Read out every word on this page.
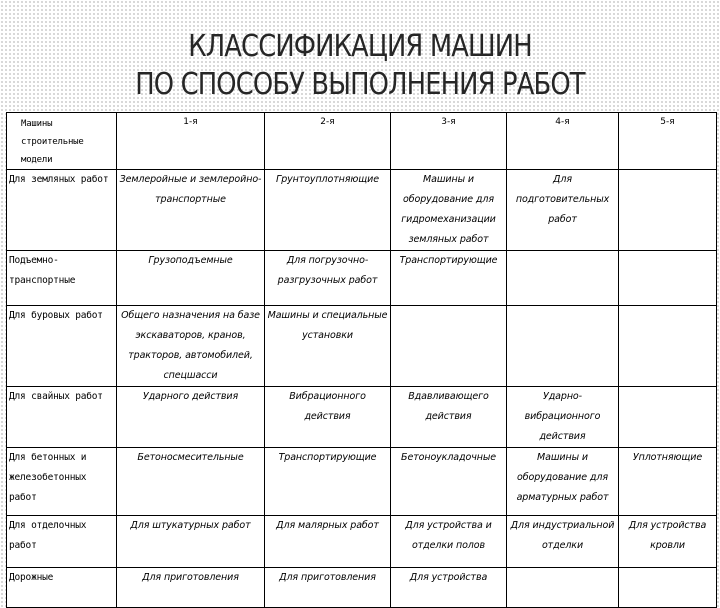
КЛАССИФИКАЦИЯ МАШИН
ПО СПОСОБУ ВЫПОЛНЕНИЯ РАБОТ
Машины строительные модели	1-я	2-я	3-я	4-я	5-я
Для земляных работ	Землеройные и землеройно-транспортные	Грунтоуплотняющие	Машины и оборудование для гидромеханизации земляных работ	Для подготовительных работ	
Подъемно-транспортные	Грузоподъемные	Для погрузочно-разгрузочных работ	Транспортирующие		
Для буровых работ	Общего назначения на базе экскаваторов, кранов, тракторов, автомобилей, спецшасси	Машины и специальные установки			
Для свайных работ	Ударного действия	Вибрационного действия	Вдавливающего действия	Ударно-вибрационного действия	
Для бетонных и железобетонных работ	Бетоносмесительные	Транспортирующие	Бетоноукладочные	Машины и оборудование для арматурных работ	Уплотняющие
Для отделочных работ	Для штукатурных работ	Для малярных работ	Для устройства и отделки полов	Для индустриальной отделки	Для устройства кровли
Дорожные	Для приготовления	Для приготовления	Для устройства		
